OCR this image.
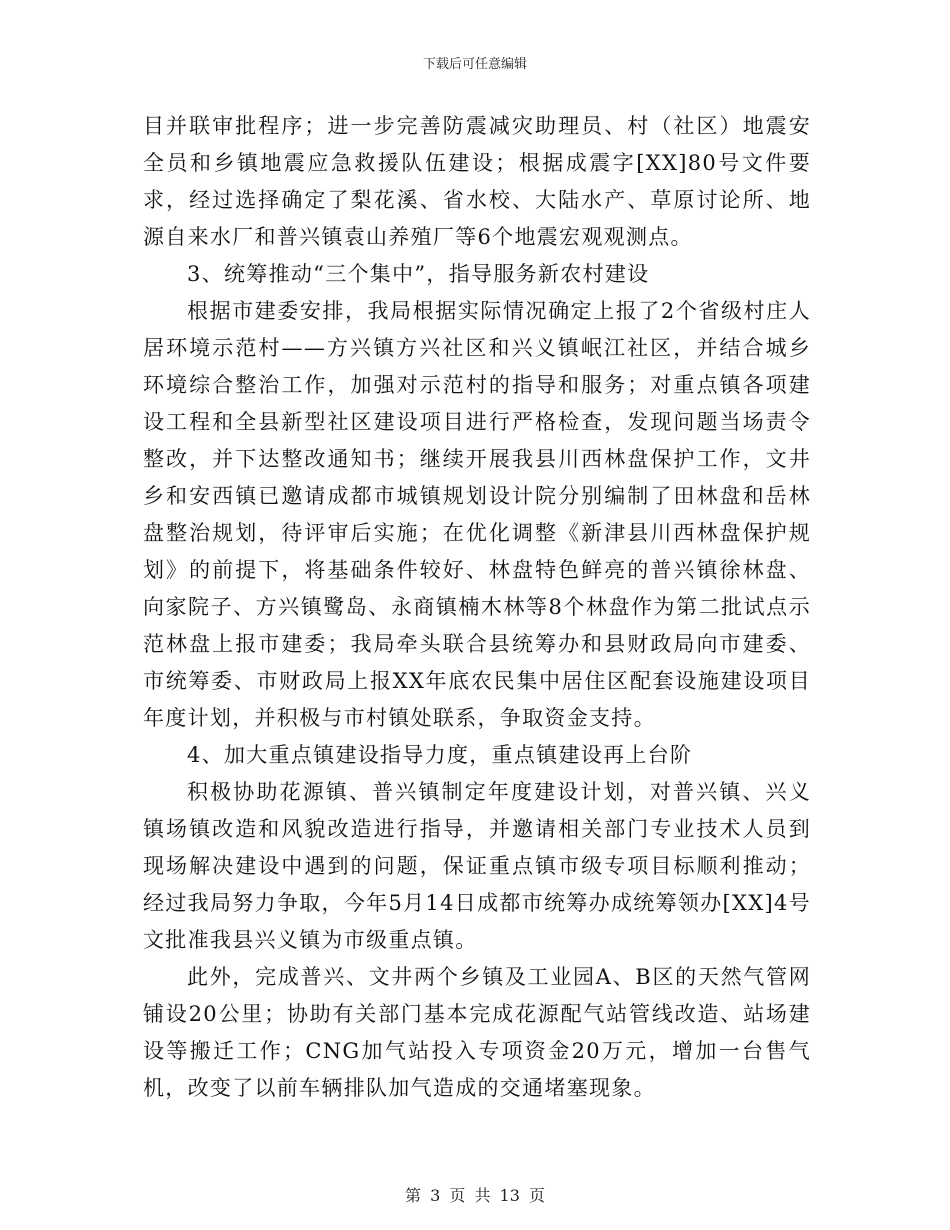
下载后可任意编辑

目并联审批程序；进一步完善防震减灾助理员、村（社区）地震安全员和乡镇地震应急救援队伍建设；根据成震字[XX]80号文件要求，经过选择确定了梨花溪、省水校、大陆水产、草原讨论所、地源自来水厂和普兴镇袁山养殖厂等6个地震宏观观测点。

3、统筹推动“三个集中”，指导服务新农村建设

根据市建委安排，我局根据实际情况确定上报了2个省级村庄人居环境示范村——方兴镇方兴社区和兴义镇岷江社区，并结合城乡环境综合整治工作，加强对示范村的指导和服务；对重点镇各项建设工程和全县新型社区建设项目进行严格检查，发现问题当场责令整改，并下达整改通知书；继续开展我县川西林盘保护工作，文井乡和安西镇已邀请成都市城镇规划设计院分别编制了田林盘和岳林盘整治规划，待评审后实施；在优化调整《新津县川西林盘保护规划》的前提下，将基础条件较好、林盘特色鲜亮的普兴镇徐林盘、向家院子、方兴镇鹭岛、永商镇楠木林等8个林盘作为第二批试点示范林盘上报市建委；我局牵头联合县统筹办和县财政局向市建委、市统筹委、市财政局上报XX年底农民集中居住区配套设施建设项目年度计划，并积极与市村镇处联系，争取资金支持。

4、加大重点镇建设指导力度，重点镇建设再上台阶

积极协助花源镇、普兴镇制定年度建设计划，对普兴镇、兴义镇场镇改造和风貌改造进行指导，并邀请相关部门专业技术人员到现场解决建设中遇到的问题，保证重点镇市级专项目标顺利推动；经过我局努力争取，今年5月14日成都市统筹办成统筹领办[XX]4号文批准我县兴义镇为市级重点镇。

此外，完成普兴、文井两个乡镇及工业园A、B区的天然气管网铺设20公里；协助有关部门基本完成花源配气站管线改造、站场建设等搬迁工作；CNG加气站投入专项资金20万元，增加一台售气机，改变了以前车辆排队加气造成的交通堵塞现象。

第 3 页 共 13 页
